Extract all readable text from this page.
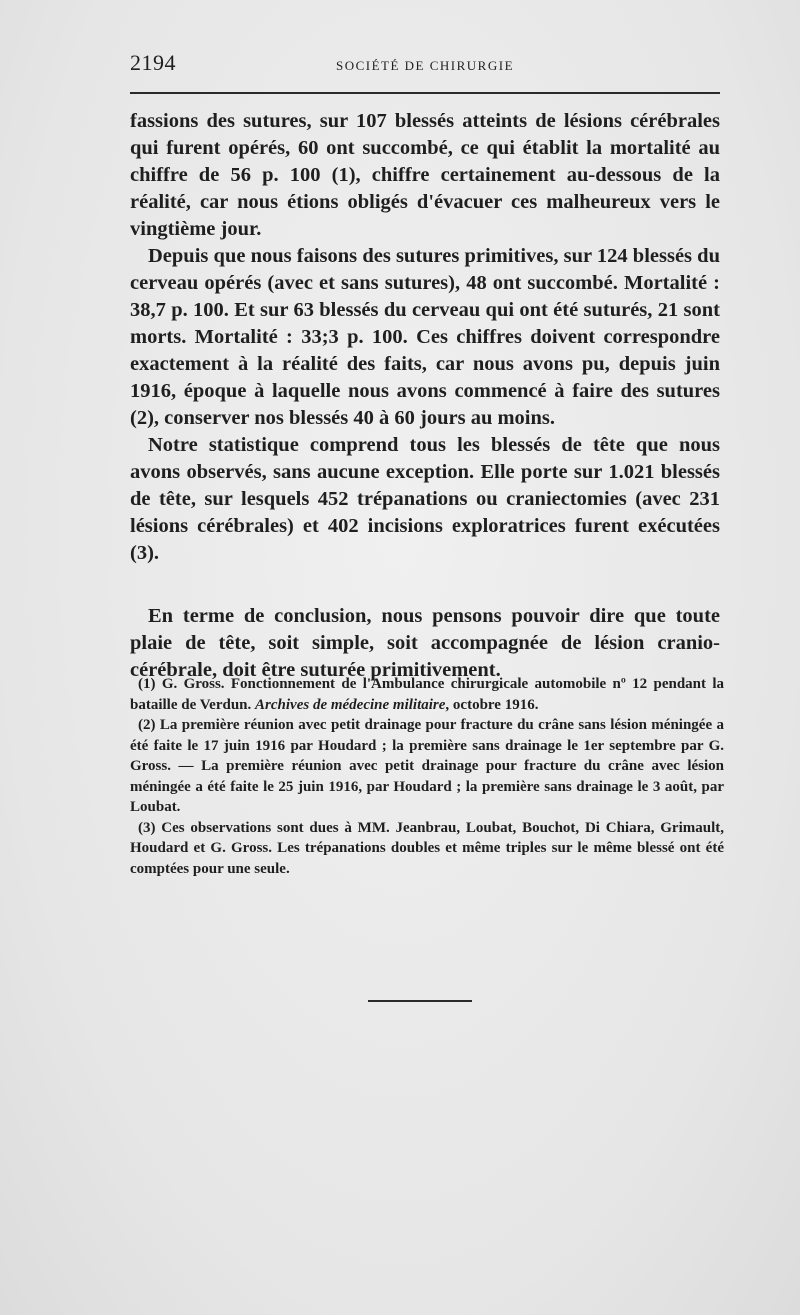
2194	SOCIÉTÉ DE CHIRURGIE

fassions des sutures, sur 107 blessés atteints de lésions cérébrales qui furent opérés, 60 ont succombé, ce qui établit la mortalité au chiffre de 56 p. 100 (1), chiffre certainement au-dessous de la réalité, car nous étions obligés d'évacuer ces malheureux vers le vingtième jour.

Depuis que nous faisons des sutures primitives, sur 124 blessés du cerveau opérés (avec et sans sutures), 48 ont succombé. Mortalité : 38,7 p. 100. Et sur 63 blessés du cerveau qui ont été suturés, 21 sont morts. Mortalité : 33;3 p. 100. Ces chiffres doivent correspondre exactement à la réalité des faits, car nous avons pu, depuis juin 1916, époque à laquelle nous avons commencé à faire des sutures (2), conserver nos blessés 40 à 60 jours au moins.

Notre statistique comprend tous les blessés de tête que nous avons observés, sans aucune exception. Elle porte sur 1.021 blessés de tête, sur lesquels 452 trépanations ou craniectomies (avec 231 lésions cérébrales) et 402 incisions exploratrices furent exécutées (3).

En terme de conclusion, nous pensons pouvoir dire que toute plaie de tête, soit simple, soit accompagnée de lésion cranio-cérébrale, doit être suturée primitivement.

(1) G. Gross. Fonctionnement de l'Ambulance chirurgicale automobile nº 12 pendant la bataille de Verdun. Archives de médecine militaire, octobre 1916.

(2) La première réunion avec petit drainage pour fracture du crâne sans lésion méningée a été faite le 17 juin 1916 par Houdard ; la première sans drainage le 1er septembre par G. Gross. — La première réunion avec petit drainage pour fracture du crâne avec lésion méningée a été faite le 25 juin 1916, par Houdard ; la première sans drainage le 3 août, par Loubat.

(3) Ces observations sont dues à MM. Jeanbrau, Loubat, Bouchot, Di Chiara, Grimault, Houdard et G. Gross. Les trépanations doubles et même triples sur le même blessé ont été comptées pour une seule.
